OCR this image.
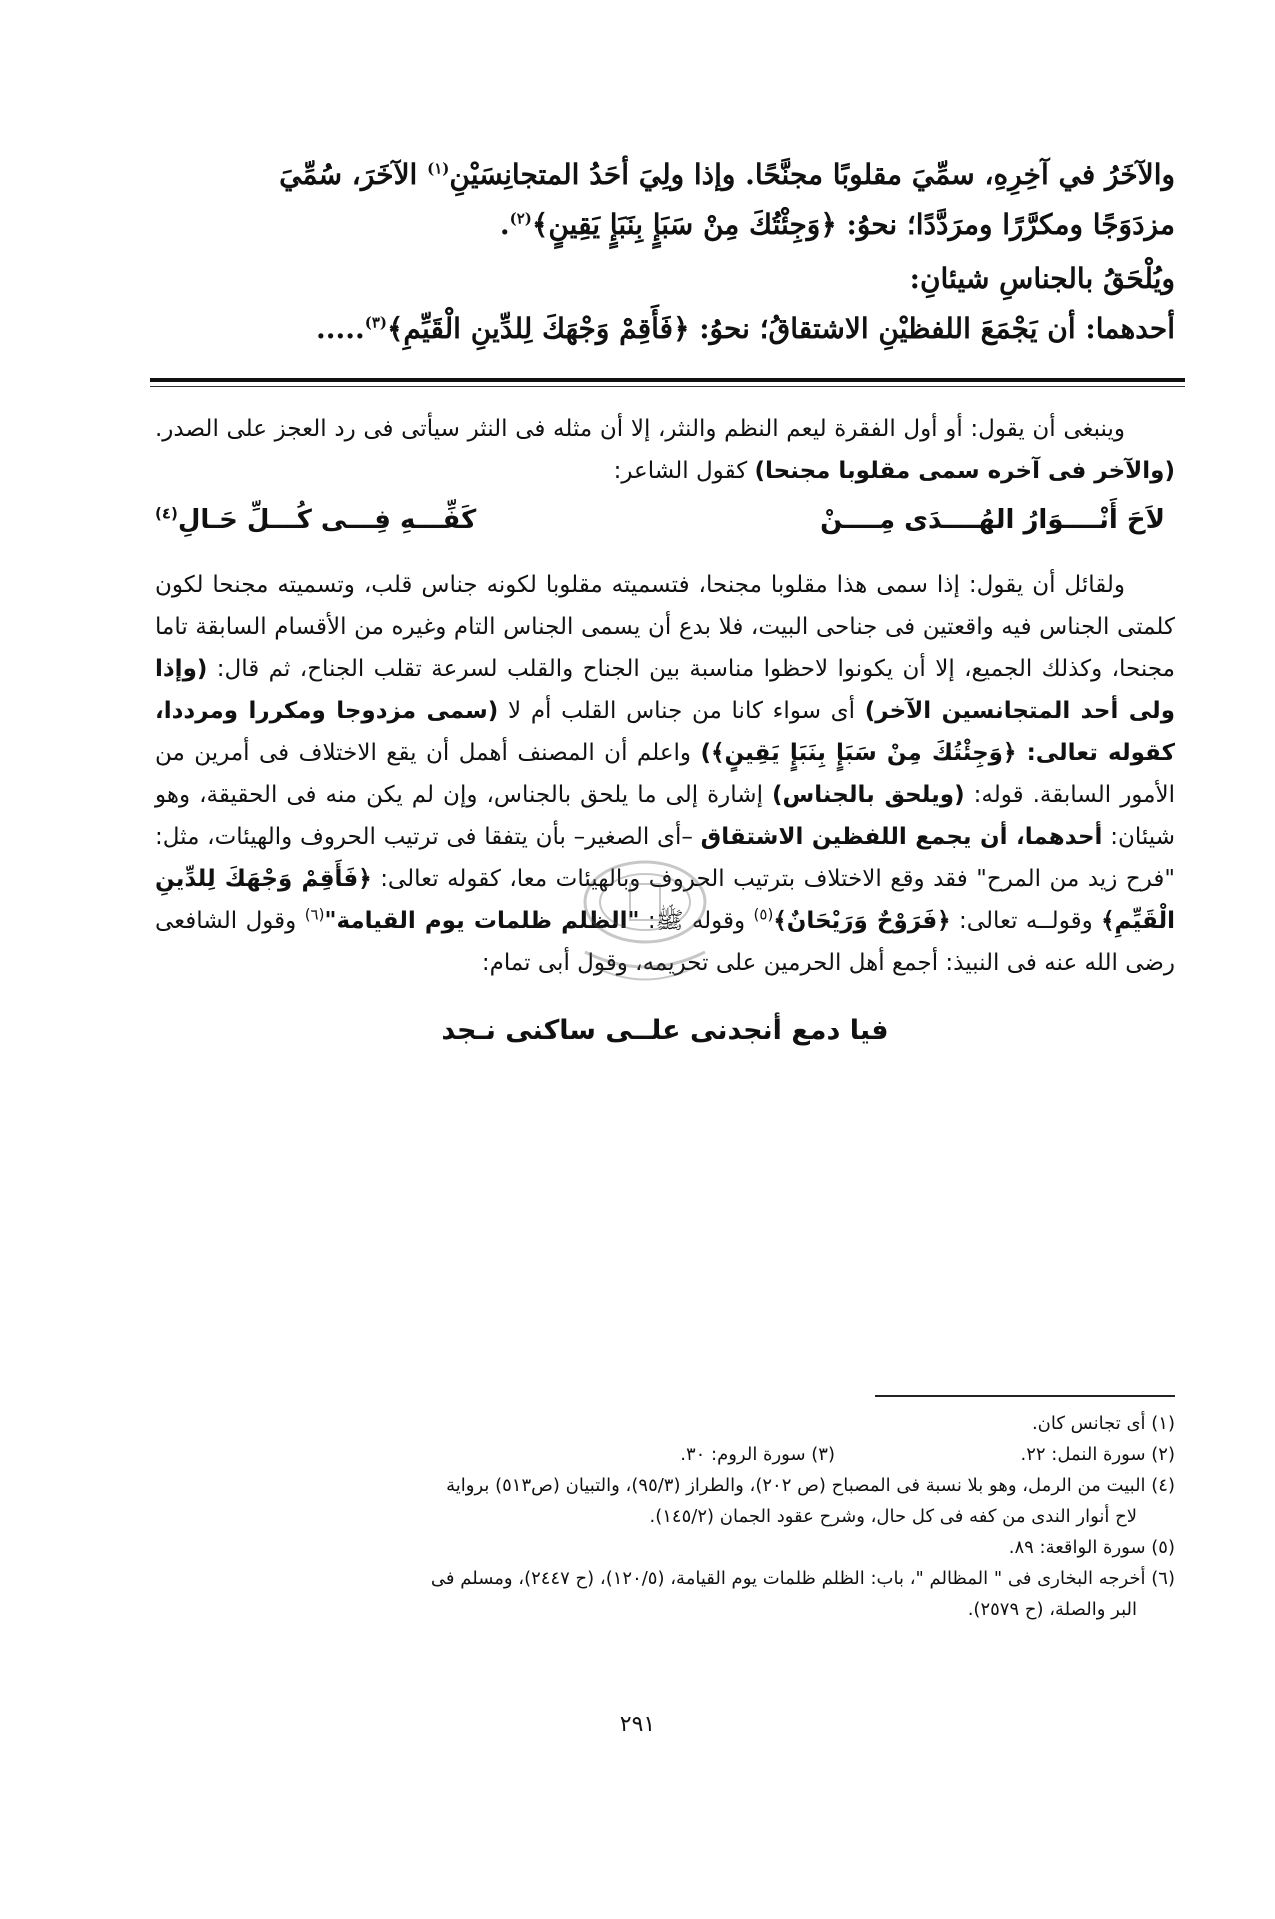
والآخَرُ في آخِرِهِ، سمِّيَ مقلوبًا مجنَّحًا. وإذا ولِيَ أحَدُ المتجانِسَيْنِ$^{(١)}$ الآخَرَ، سُمِّيَ

مزدَوَجًا ومكرَّرًا ومرَدَّدًا؛ نحوُ: ﴿وَجِئْتُكَ مِنْ سَبَإٍ بِنَبَإٍ يَقِينٍ﴾$^{(٢)}$.

ويُلْحَقُ بالجناسِ شيئانِ:

أحدهما: أن يَجْمَعَ اللفظيْنِ الاشتقاقُ؛ نحوُ: ﴿فَأَقِمْ وَجْهَكَ لِلدِّينِ الْقَيِّمِ﴾$^{(٣)}$.....

وينبغى أن يقول: أو أول الفقرة ليعم النظم والنثر، إلا أن مثله فى النثر سيأتى فى رد العجز على الصدر. (والآخر فى آخره سمى مقلوبا مجنحا) كقول الشاعر:

لاَحَ أَنْــــوَارُ الهُــــدَى مِــــنْ
كَفِّـــهِ فِـــى كُـــلِّ حَـالِ$^{(٤)}$

ولقائل أن يقول: إذا سمى هذا مقلوبا مجنحا، فتسميته مقلوبا لكونه جناس قلب، وتسميته مجنحا لكون كلمتى الجناس فيه واقعتين فى جناحى البيت، فلا بدع أن يسمى الجناس التام وغيره من الأقسام السابقة تاما مجنحا، وكذلك الجميع، إلا أن يكونوا لاحظوا مناسبة بين الجناح والقلب لسرعة تقلب الجناح، ثم قال: (وإذا ولى أحد المتجانسين الآخر) أى سواء كانا من جناس القلب أم لا (سمى مزدوجا ومكررا ومرددا، كقوله تعالى: ﴿وَجِئْتُكَ مِنْ سَبَإٍ بِنَبَإٍ يَقِينٍ﴾) واعلم أن المصنف أهمل أن يقع الاختلاف فى أمرين من الأمور السابقة. قوله: (ويلحق بالجناس) إشارة إلى ما يلحق بالجناس، وإن لم يكن منه فى الحقيقة، وهو شيئان: أحدهما، أن يجمع اللفظين الاشتقاق –أى الصغير– بأن يتفقا فى ترتيب الحروف والهيئات، مثل: "فرح زيد من المرح" فقد وقع الاختلاف بترتيب الحروف وبالهيئات معا، كقوله تعالى: ﴿فَأَقِمْ وَجْهَكَ لِلدِّينِ الْقَيِّمِ﴾ وقولــه تعالى: ﴿فَرَوْحٌ وَرَيْحَانٌ﴾$^{(٥)}$ وقوله ﷺ: "الظلم ظلمات يوم القيامة"$^{(٦)}$ وقول الشافعى رضى الله عنه فى النبيذ: أجمع أهل الحرمين على تحريمه، وقول أبى تمام:

فيا دمع أنجدنى علــى ساكنى نـجد

(١) أى تجانس كان.

(٢) سورة النمل: ٢٢.
(٣) سورة الروم: ٣٠.

(٤) البيت من الرمل، وهو بلا نسبة فى المصباح (ص ٢٠٢)، والطراز (٩٥/٣)، والتبيان (ص٥١٣) برواية

لاح أنوار الندى من كفه فى كل حال، وشرح عقود الجمان (١٤٥/٢).

(٥) سورة الواقعة: ٨٩.

(٦) أخرجه البخارى فى " المظالم "، باب: الظلم ظلمات يوم القيامة، (١٢٠/٥)، (ح ٢٤٤٧)، ومسلم فى

البر والصلة، (ح ٢٥٧٩).

٢٩١
